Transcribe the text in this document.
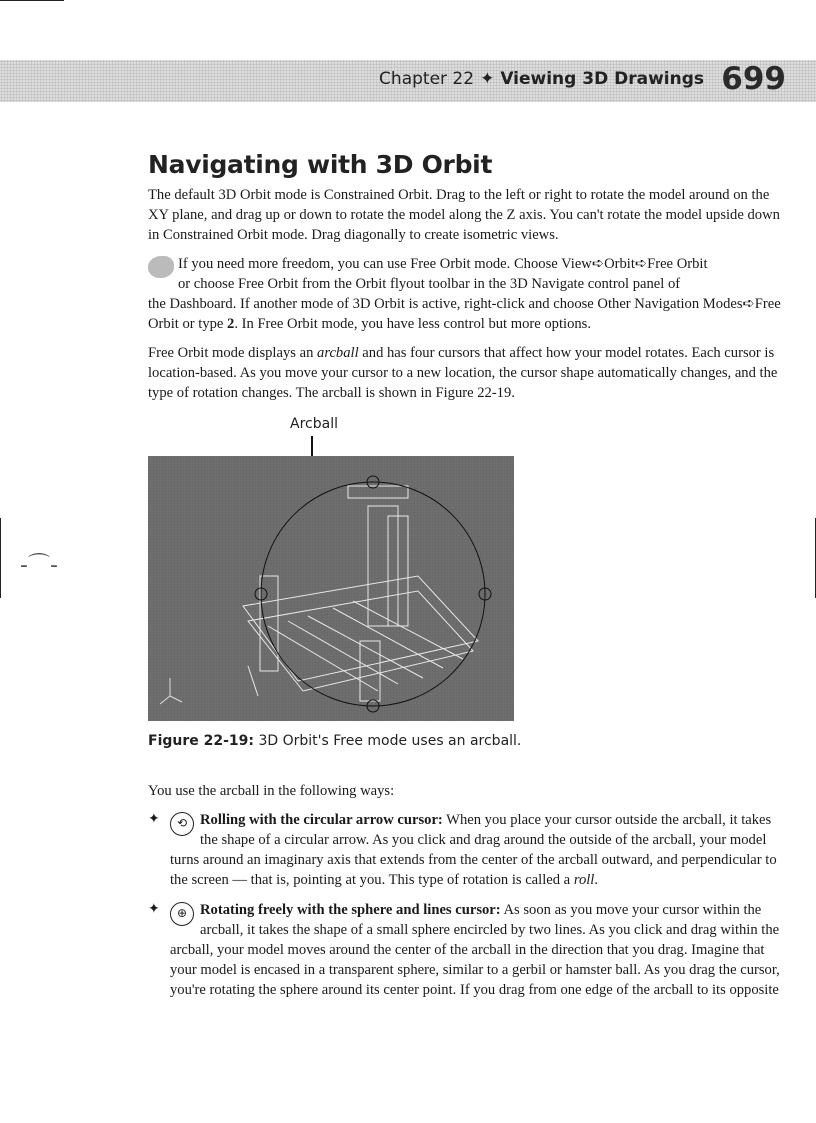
Chapter 22 ✦ Viewing 3D Drawings 699
-⌒-
Navigating with 3D Orbit

The default 3D Orbit mode is Constrained Orbit. Drag to the left or right to rotate the model around on the XY plane, and drag up or down to rotate the model along the Z axis. You can't rotate the model upside down in Constrained Orbit mode. Drag diagonally to create isometric views.

If you need more freedom, you can use Free Orbit mode. Choose View➪Orbit➪Free Orbit
or choose Free Orbit from the Orbit flyout toolbar in the 3D Navigate control panel of
the Dashboard. If another mode of 3D Orbit is active, right-click and choose Other Navigation Modes➪Free Orbit or type 2. In Free Orbit mode, you have less control but more options.

Free Orbit mode displays an arcball and has four cursors that affect how your model rotates. Each cursor is location-based. As you move your cursor to a new location, the cursor shape automatically changes, and the type of rotation changes. The arcball is shown in Figure 22-19.

Arcball
Figure 22-19: 3D Orbit's Free mode uses an arcball.

You use the arcball in the following ways:

✦	⟲ Rolling with the circular arrow cursor: When you place your cursor outside the arcball, it takes the shape of a circular arrow. As you click and drag around the outside of the arcball, your model turns around an imaginary axis that extends from the center of the arcball outward, and perpendicular to the screen — that is, pointing at you. This type of rotation is called a roll.
✦	⊕ Rotating freely with the sphere and lines cursor: As soon as you move your cursor within the arcball, it takes the shape of a small sphere encircled by two lines. As you click and drag within the arcball, your model moves around the center of the arcball in the direction that you drag. Imagine that your model is encased in a transparent sphere, similar to a gerbil or hamster ball. As you drag the cursor, you're rotating the sphere around its center point. If you drag from one edge of the arcball to its opposite
